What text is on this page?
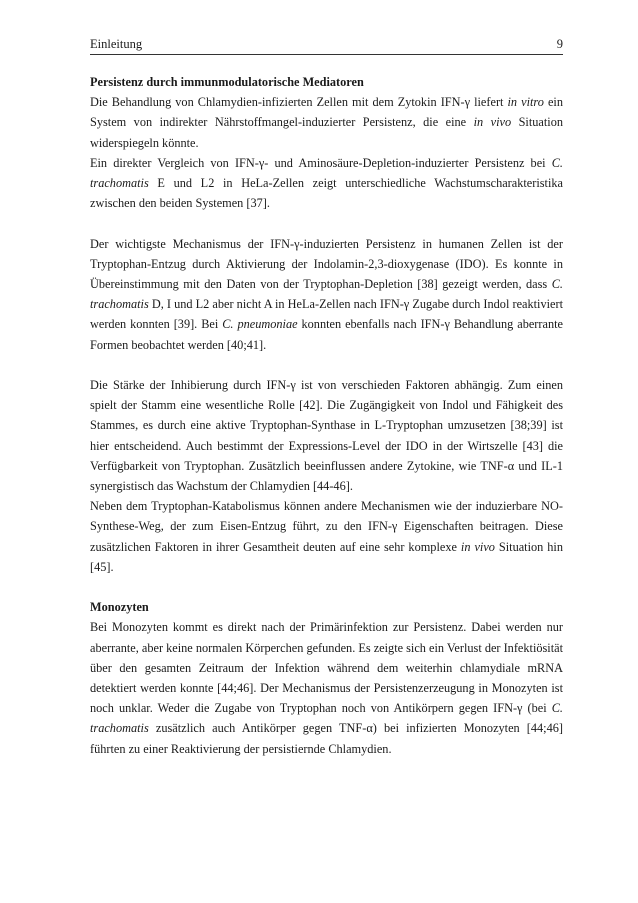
Einleitung	9
Persistenz durch immunmodulatorische Mediatoren

Die Behandlung von Chlamydien-infizierten Zellen mit dem Zytokin IFN-γ liefert in vitro ein System von indirekter Nährstoffmangel-induzierter Persistenz, die eine in vivo Situation widerspiegeln könnte.

Ein direkter Vergleich von IFN-γ- und Aminosäure-Depletion-induzierter Persistenz bei C. trachomatis E und L2 in HeLa-Zellen zeigt unterschiedliche Wachstumscharakteristika zwischen den beiden Systemen [37].

Der wichtigste Mechanismus der IFN-γ-induzierten Persistenz in humanen Zellen ist der Tryptophan-Entzug durch Aktivierung der Indolamin-2,3-dioxygenase (IDO). Es konnte in Übereinstimmung mit den Daten von der Tryptophan-Depletion [38] gezeigt werden, dass C. trachomatis D, I und L2 aber nicht A in HeLa-Zellen nach IFN-γ Zugabe durch Indol reaktiviert werden konnten [39]. Bei C. pneumoniae konnten ebenfalls nach IFN-γ Behandlung aberrante Formen beobachtet werden [40;41].

Die Stärke der Inhibierung durch IFN-γ ist von verschieden Faktoren abhängig. Zum einen spielt der Stamm eine wesentliche Rolle [42]. Die Zugängigkeit von Indol und Fähigkeit des Stammes, es durch eine aktive Tryptophan-Synthase in L-Tryptophan umzusetzen [38;39] ist hier entscheidend. Auch bestimmt der Expressions-Level der IDO in der Wirtszelle [43] die Verfügbarkeit von Tryptophan. Zusätzlich beeinflussen andere Zytokine, wie TNF-α und IL-1 synergistisch das Wachstum der Chlamydien [44-46].

Neben dem Tryptophan-Katabolismus können andere Mechanismen wie der induzierbare NO-Synthese-Weg, der zum Eisen-Entzug führt, zu den IFN-γ Eigenschaften beitragen. Diese zusätzlichen Faktoren in ihrer Gesamtheit deuten auf eine sehr komplexe in vivo Situation hin [45].

Monozyten

Bei Monozyten kommt es direkt nach der Primärinfektion zur Persistenz. Dabei werden nur aberrante, aber keine normalen Körperchen gefunden. Es zeigte sich ein Verlust der Infektiösität über den gesamten Zeitraum der Infektion während dem weiterhin chlamydiale mRNA detektiert werden konnte [44;46]. Der Mechanismus der Persistenzerzeugung in Monozyten ist noch unklar. Weder die Zugabe von Tryptophan noch von Antikörpern gegen IFN-γ (bei C. trachomatis zusätzlich auch Antikörper gegen TNF-α) bei infizierten Monozyten [44;46] führten zu einer Reaktivierung der persistiernde Chlamydien.
